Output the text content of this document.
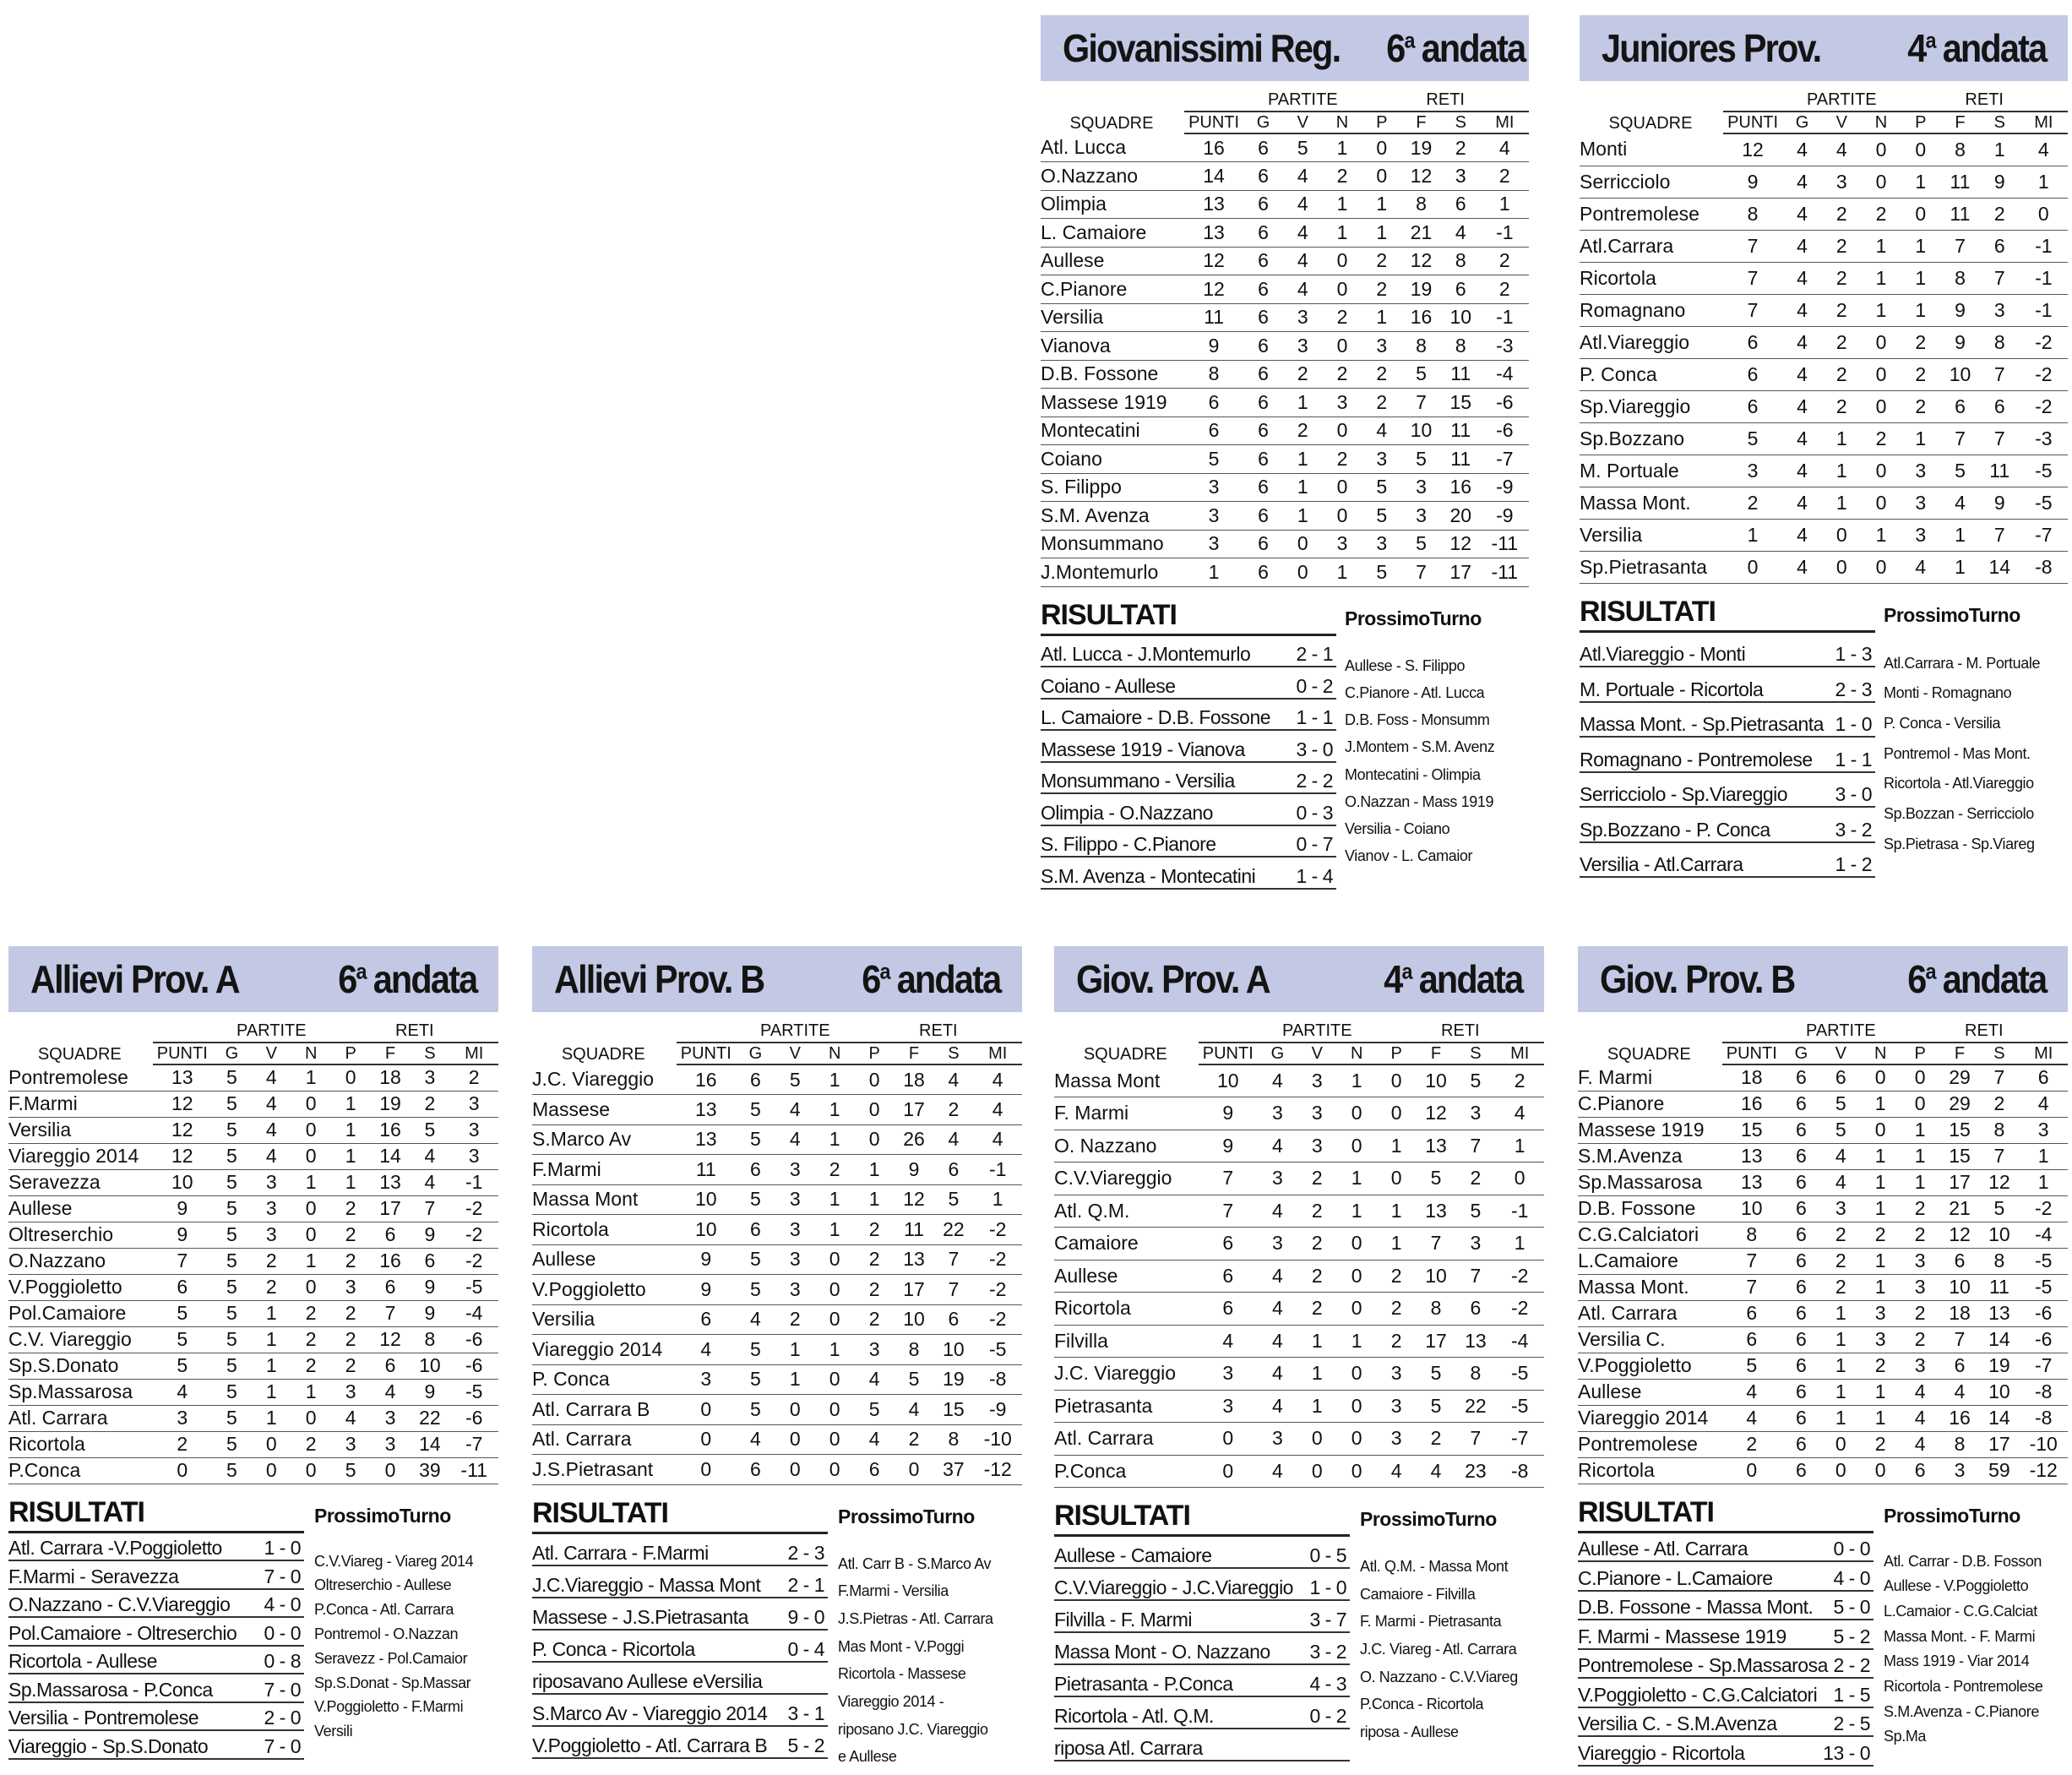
Giovanissimi Reg. 6$^a$ andata
SQUADRE		PARTITE			RETI			
	PUNTI	G	V	N	P	F	S	MI
Atl. Lucca	16	6	5	1	0	19	2	4
O.Nazzano	14	6	4	2	0	12	3	2
Olimpia	13	6	4	1	1	8	6	1
L. Camaiore	13	6	4	1	1	21	4	-1
Aullese	12	6	4	0	2	12	8	2
C.Pianore	12	6	4	0	2	19	6	2
Versilia	11	6	3	2	1	16	10	-1
Vianova	9	6	3	0	3	8	8	-3
D.B. Fossone	8	6	2	2	2	5	11	-4
Massese 1919	6	6	1	3	2	7	15	-6
Montecatini	6	6	2	0	4	10	11	-6
Coiano	5	6	1	2	3	5	11	-7
S. Filippo	3	6	1	0	5	3	16	-9
S.M. Avenza	3	6	1	0	5	3	20	-9
Monsummano	3	6	0	3	3	5	12	-11
J.Montemurlo	1	6	0	1	5	7	17	-11
RISULTATI
Atl. Lucca - J.Montemurlo 2 - 1
Coiano - Aullese	0 - 2
L. Camaiore - D.B. Fossone 1 - 1
Massese 1919 - Vianova	3 - 0
Monsummano - Versilia	2 - 2
Olimpia - O.Nazzano	0 - 3
S. Filippo - C.Pianore	0 - 7
S.M. Avenza - Montecatini 1 - 4
ProssimoTurno
Aullese - S. Filippo
C.Pianore - Atl. Lucca
D.B. Foss - Monsumm
J.Montem - S.M. Avenz
Montecatini - Olimpia
O.Nazzan - Mass 1919
Versilia - Coiano
Vianov - L. Camaior
Juniores Prov. 4$^a$ andata
SQUADRE		PARTITE			RETI			
	PUNTI	G	V	N	P	F	S	MI
Monti	12	4	4	0	0	8	1	4
Serricciolo	9	4	3	0	1	11	9	1
Pontremolese	8	4	2	2	0	11	2	0
Atl.Carrara	7	4	2	1	1	7	6	-1
Ricortola	7	4	2	1	1	8	7	-1
Romagnano	7	4	2	1	1	9	3	-1
Atl.Viareggio	6	4	2	0	2	9	8	-2
P. Conca	6	4	2	0	2	10	7	-2
Sp.Viareggio	6	4	2	0	2	6	6	-2
Sp.Bozzano	5	4	1	2	1	7	7	-3
M. Portuale	3	4	1	0	3	5	11	-5
Massa Mont.	2	4	1	0	3	4	9	-5
Versilia	1	4	0	1	3	1	7	-7
Sp.Pietrasanta	0	4	0	0	4	1	14	-8
RISULTATI
Atl.Viareggio - Monti	1 - 3
M. Portuale - Ricortola	2 - 3
Massa Mont. - Sp.Pietrasanta 1 - 0
Romagnano - Pontremolese 1 - 1
Serricciolo - Sp.Viareggio 3 - 0
Sp.Bozzano - P. Conca	3 - 2
Versilia - Atl.Carrara	1 - 2
ProssimoTurno
Atl.Carrara - M. Portuale
Monti - Romagnano
P. Conca - Versilia
Pontremol - Mas Mont.
Ricortola - Atl.Viareggio
Sp.Bozzan - Serricciolo
Sp.Pietrasa - Sp.Viareg
Allievi Prov. A	6$^a$ andata
SQUADRE		PARTITE			RETI			
	PUNTI	G	V	N	P	F	S	MI
Pontremolese	13	5	4	1	0	18	3	2
F.Marmi	12	5	4	0	1	19	2	3
Versilia	12	5	4	0	1	16	5	3
Viareggio 2014	12	5	4	0	1	14	4	3
Seravezza	10	5	3	1	1	13	4	-1
Aullese	9	5	3	0	2	17	7	-2
Oltreserchio	9	5	3	0	2	6	9	-2
O.Nazzano	7	5	2	1	2	16	6	-2
V.Poggioletto	6	5	2	0	3	6	9	-5
Pol.Camaiore	5	5	1	2	2	7	9	-4
C.V. Viareggio	5	5	1	2	2	12	8	-6
Sp.S.Donato	5	5	1	2	2	6	10	-6
Sp.Massarosa	4	5	1	1	3	4	9	-5
Atl. Carrara	3	5	1	0	4	3	22	-6
Ricortola	2	5	0	2	3	3	14	-7
P.Conca	0	5	0	0	5	0	39	-11
RISULTATI
Atl. Carrara -V.Poggioletto 1 - 0
F.Marmi - Seravezza	7 - 0
O.Nazzano - C.V.Viareggio 4 - 0
Pol.Camaiore - Oltreserchio 0 - 0
Ricortola - Aullese	0 - 8
Sp.Massarosa - P.Conca	7 - 0
Versilia - Pontremolese	2 - 0
Viareggio - Sp.S.Donato	7 - 0
ProssimoTurno
C.V.Viareg - Viareg 2014
Oltreserchio - Aullese
P.Conca - Atl. Carrara
Pontremol - O.Nazzan
Seravezz - Pol.Camaior
Sp.S.Donat - Sp.Massar
V.Poggioletto - F.Marmi
Versili
Allievi Prov. B	6$^a$ andata
SQUADRE		PARTITE			RETI			
	PUNTI	G	V	N	P	F	S	MI
J.C. Viareggio	16	6	5	1	0	18	4	4
Massese	13	5	4	1	0	17	2	4
S.Marco Av	13	5	4	1	0	26	4	4
F.Marmi	11	6	3	2	1	9	6	-1
Massa Mont	10	5	3	1	1	12	5	1
Ricortola	10	6	3	1	2	11	22	-2
Aullese	9	5	3	0	2	13	7	-2
V.Poggioletto	9	5	3	0	2	17	7	-2
Versilia	6	4	2	0	2	10	6	-2
Viareggio 2014	4	5	1	1	3	8	10	-5
P. Conca	3	5	1	0	4	5	19	-8
Atl. Carrara B	0	5	0	0	5	4	15	-9
Atl. Carrara	0	4	0	0	4	2	8	-10
J.S.Pietrasant	0	6	0	0	6	0	37	-12
RISULTATI
Atl. Carrara - F.Marmi	2 - 3
J.C.Viareggio - Massa Mont 2 - 1
Massese - J.S.Pietrasanta 9 - 0
P. Conca - Ricortola	0 - 4
riposavano Aullese eVersilia
S.Marco Av - Viareggio 2014 3 - 1
V.Poggioletto - Atl. Carrara B 5 - 2
ProssimoTurno
Atl. Carr B - S.Marco Av
F.Marmi - Versilia
J.S.Pietras - Atl. Carrara
Mas Mont - V.Poggi
Ricortola - Massese
Viareggio 2014 -
riposano J.C. Viareggio
e Aullese
Giov. Prov. A	4$^a$ andata
SQUADRE		PARTITE			RETI			
	PUNTI	G	V	N	P	F	S	MI
Massa Mont	10	4	3	1	0	10	5	2
F. Marmi	9	3	3	0	0	12	3	4
O. Nazzano	9	4	3	0	1	13	7	1
C.V.Viareggio	7	3	2	1	0	5	2	0
Atl. Q.M.	7	4	2	1	1	13	5	-1
Camaiore	6	3	2	0	1	7	3	1
Aullese	6	4	2	0	2	10	7	-2
Ricortola	6	4	2	0	2	8	6	-2
Filvilla	4	4	1	1	2	17	13	-4
J.C. Viareggio	3	4	1	0	3	5	8	-5
Pietrasanta	3	4	1	0	3	5	22	-5
Atl. Carrara	0	3	0	0	3	2	7	-7
P.Conca	0	4	0	0	4	4	23	-8
RISULTATI
Aullese - Camaiore	0 - 5
C.V.Viareggio - J.C.Viareggio 1 - 0
Filvilla - F. Marmi	3 - 7
Massa Mont - O. Nazzano 3 - 2
Pietrasanta - P.Conca	4 - 3
Ricortola - Atl. Q.M.	0 - 2
riposa Atl. Carrara
ProssimoTurno
Atl. Q.M. - Massa Mont
Camaiore - Filvilla
F. Marmi - Pietrasanta
J.C. Viareg - Atl. Carrara
O. Nazzano - C.V.Viareg
P.Conca - Ricortola
riposa - Aullese
Giov. Prov. B	6$^a$ andata
SQUADRE		PARTITE			RETI			
	PUNTI	G	V	N	P	F	S	MI
F. Marmi	18	6	6	0	0	29	7	6
C.Pianore	16	6	5	1	0	29	2	4
Massese 1919	15	6	5	0	1	15	8	3
S.M.Avenza	13	6	4	1	1	15	7	1
Sp.Massarosa	13	6	4	1	1	17	12	1
D.B. Fossone	10	6	3	1	2	21	5	-2
C.G.Calciatori	8	6	2	2	2	12	10	-4
L.Camaiore	7	6	2	1	3	6	8	-5
Massa Mont.	7	6	2	1	3	10	11	-5
Atl. Carrara	6	6	1	3	2	18	13	-6
Versilia C.	6	6	1	3	2	7	14	-6
V.Poggioletto	5	6	1	2	3	6	19	-7
Aullese	4	6	1	1	4	4	10	-8
Viareggio 2014	4	6	1	1	4	16	14	-8
Pontremolese	2	6	0	2	4	8	17	-10
Ricortola	0	6	0	0	6	3	59	-12
RISULTATI
Aullese - Atl. Carrara	0 - 0
C.Pianore - L.Camaiore	4 - 0
D.B. Fossone - Massa Mont. 5 - 0
F. Marmi - Massese 1919 5 - 2
Pontremolese - Sp.Massarosa 2 - 2
V.Poggioletto - C.G.Calciatori 1 - 5
Versilia C. - S.M.Avenza	2 - 5
Viareggio - Ricortola	13 - 0
ProssimoTurno
Atl. Carrar - D.B. Fosson
Aullese - V.Poggioletto
L.Camaior - C.G.Calciat
Massa Mont. - F. Marmi
Mass 1919 - Viar 2014
Ricortola - Pontremolese
S.M.Avenza - C.Pianore
Sp.Ma
